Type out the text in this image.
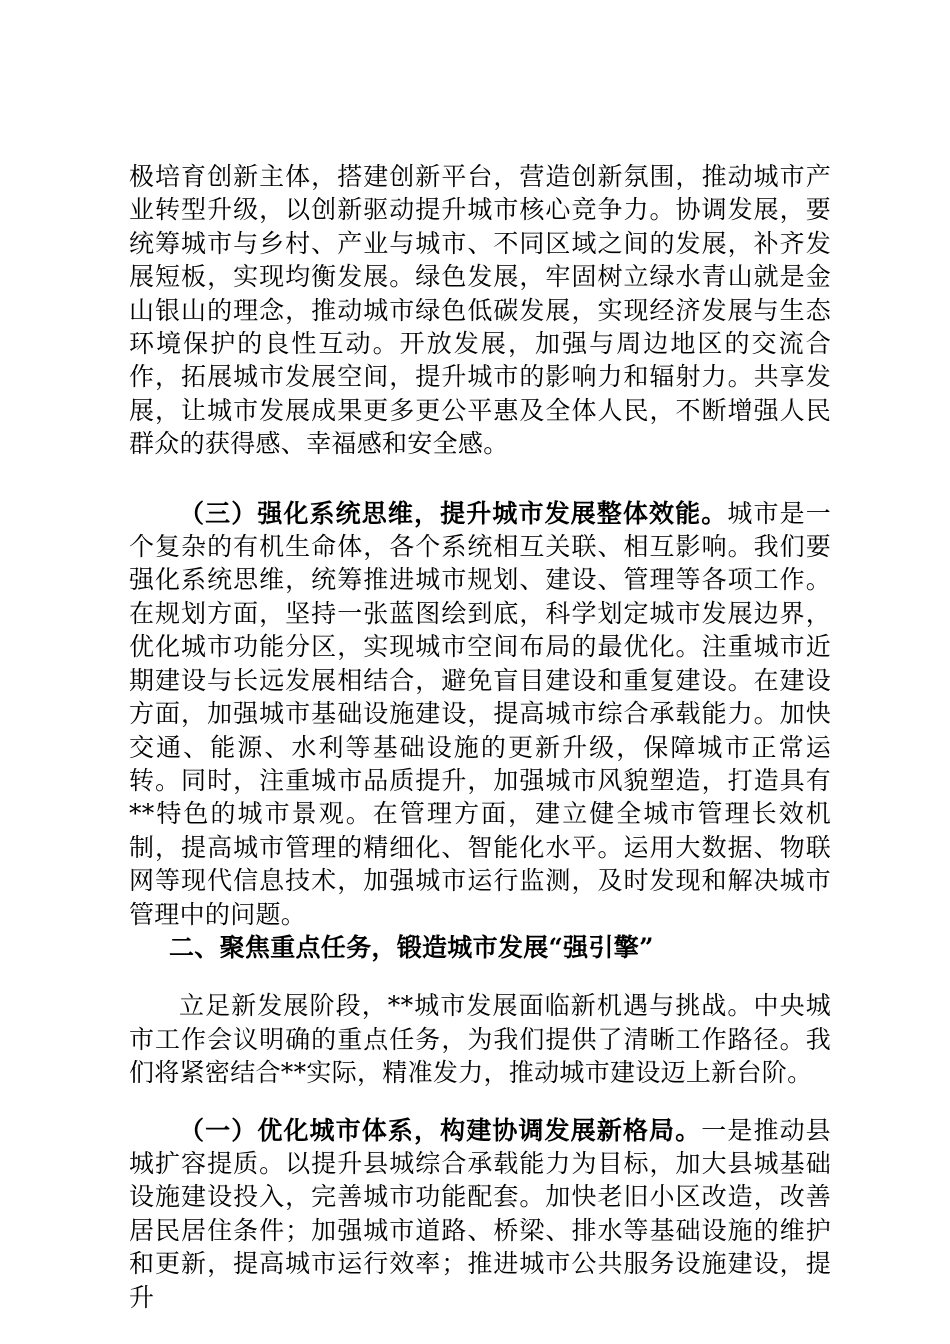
极培育创新主体，搭建创新平台，营造创新氛围，推动城市产业转型升级，以创新驱动提升城市核心竞争力。协调发展，要统筹城市与乡村、产业与城市、不同区域之间的发展，补齐发展短板，实现均衡发展。绿色发展，牢固树立绿水青山就是金山银山的理念，推动城市绿色低碳发展，实现经济发展与生态环境保护的良性互动。开放发展，加强与周边地区的交流合作，拓展城市发展空间，提升城市的影响力和辐射力。共享发展，让城市发展成果更多更公平惠及全体人民，不断增强人民群众的获得感、幸福感和安全感。

（三）强化系统思维，提升城市发展整体效能。城市是一个复杂的有机生命体，各个系统相互关联、相互影响。我们要强化系统思维，统筹推进城市规划、建设、管理等各项工作。在规划方面，坚持一张蓝图绘到底，科学划定城市发展边界，优化城市功能分区，实现城市空间布局的最优化。注重城市近期建设与长远发展相结合，避免盲目建设和重复建设。在建设方面，加强城市基础设施建设，提高城市综合承载能力。加快交通、能源、水利等基础设施的更新升级，保障城市正常运转。同时，注重城市品质提升，加强城市风貌塑造，打造具有**特色的城市景观。在管理方面，建立健全城市管理长效机制，提高城市管理的精细化、智能化水平。运用大数据、物联网等现代信息技术，加强城市运行监测，及时发现和解决城市管理中的问题。

二、聚焦重点任务，锻造城市发展“强引擎”

立足新发展阶段，**城市发展面临新机遇与挑战。中央城市工作会议明确的重点任务，为我们提供了清晰工作路径。我们将紧密结合**实际，精准发力，推动城市建设迈上新台阶。

（一）优化城市体系，构建协调发展新格局。一是推动县城扩容提质。以提升县城综合承载能力为目标，加大县城基础设施建设投入，完善城市功能配套。加快老旧小区改造，改善居民居住条件；加强城市道路、桥梁、排水等基础设施的维护和更新，提高城市运行效率；推进城市公共服务设施建设，提升
